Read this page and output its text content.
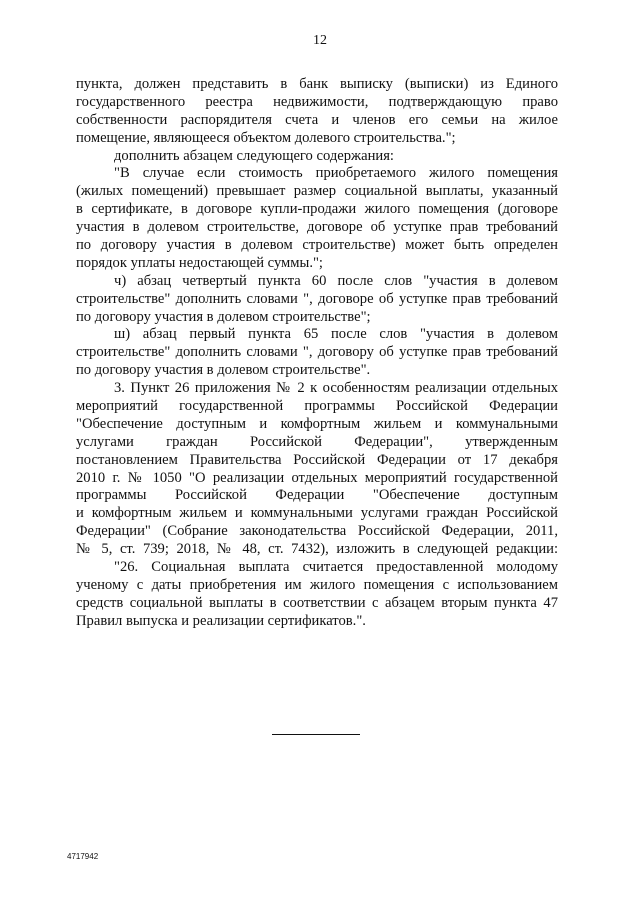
12
пункта, должен представить в банк выписку (выписки) из Единого
государственного реестра недвижимости, подтверждающую право
собственности распорядителя счета и членов его семьи на жилое
помещение, являющееся объектом долевого строительства.";
дополнить абзацем следующего содержания:
"В случае если стоимость приобретаемого жилого помещения
(жилых помещений) превышает размер социальной выплаты, указанный
в сертификате, в договоре купли-продажи жилого помещения (договоре
участия в долевом строительстве, договоре об уступке прав требований
по договору участия в долевом строительстве) может быть определен
порядок уплаты недостающей суммы.";
ч) абзац четвертый пункта 60 после слов "участия в долевом
строительстве" дополнить словами ", договоре об уступке прав требований
по договору участия в долевом строительстве";
ш) абзац первый пункта 65 после слов "участия в долевом
строительстве" дополнить словами ", договору об уступке прав требований
по договору участия в долевом строительстве".
3. Пункт 26 приложения № 2 к особенностям реализации отдельных
мероприятий государственной программы Российской Федерации
"Обеспечение доступным и комфортным жильем и коммунальными
услугами граждан Российской Федерации", утвержденным
постановлением Правительства Российской Федерации от 17 декабря
2010 г. № 1050 "О реализации отдельных мероприятий государственной
программы Российской Федерации "Обеспечение доступным
и комфортным жильем и коммунальными услугами граждан Российской
Федерации" (Собрание законодательства Российской Федерации, 2011,
№ 5, ст. 739; 2018, № 48, ст. 7432), изложить в следующей редакции:
"26. Социальная выплата считается предоставленной молодому
ученому с даты приобретения им жилого помещения с использованием
средств социальной выплаты в соответствии с абзацем вторым пункта 47
Правил выпуска и реализации сертификатов.".
4717942
